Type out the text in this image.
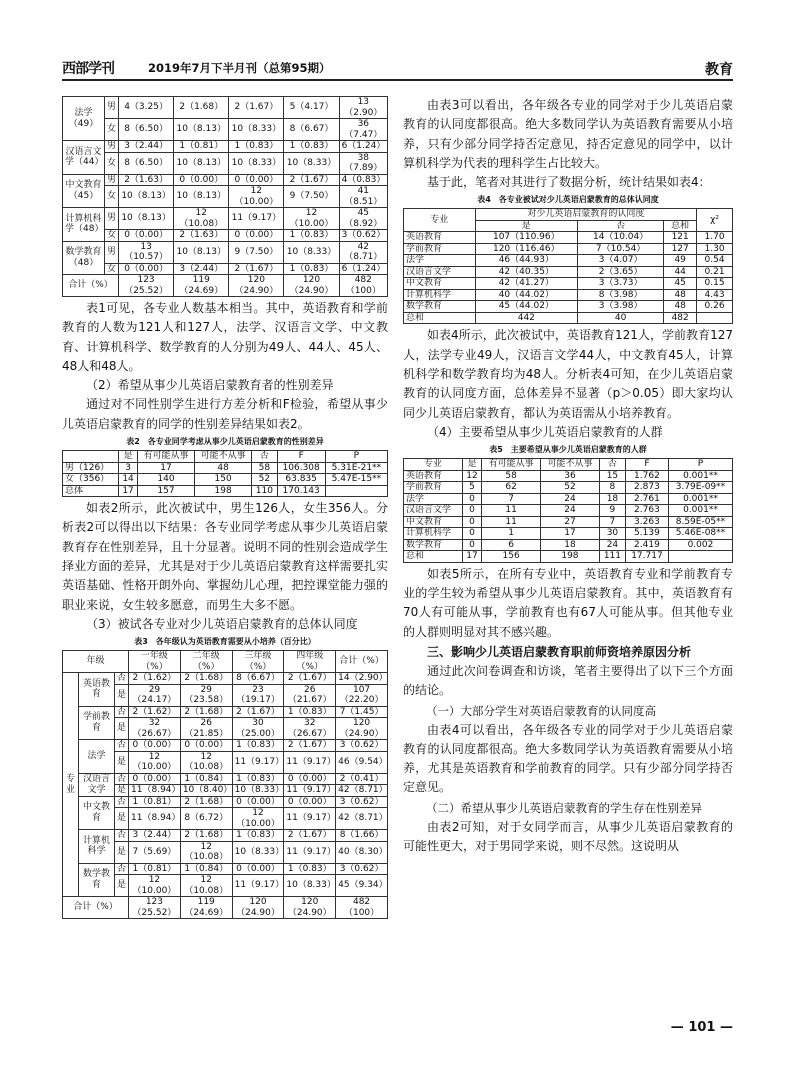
西部学刊	2019年7月下半月刊（总第95期）	教育
法学（49）	男	4（3.25）	2（1.68）	2（1.67）	5（4.17）	13（2.90）
	女	8（6.50）	10（8.13）	10（8.33）	8（6.67）	36（7.47）
汉语言文学（44）	男	3（2.44）	1（0.81）	1（0.83）	1（0.83）	6（1.24）
	女	8（6.50）	10（8.13）	10（8.33）	10（8.33）	38（7.89）
中文教育（45）	男	2（1.63）	0（0.00）	0（0.00）	2（1.67）	4（0.83）
	女	10（8.13）	10（8.13）	12（10.00）	9（7.50）	41（8.51）
计算机科学（48）	男	10（8.13）	12（10.08）	11（9.17）	12（10.00）	45（8.92）
	女	0（0.00）	2（1.63）	0（0.00）	1（0.83）	3（0.62）
数学教育（48）	男	13（10.57）	10（8.13）	9（7.50）	10（8.33）	42（8.71）
	女	0（0.00）	3（2.44）	2（1.67）	1（0.83）	6（1.24）
合计（%）		123（25.52）	119（24.69）	120（24.90）	120（24.90）	482（100）
表1可见，各专业人数基本相当。其中，英语教育和学前教育的人数为121人和127人，法学、汉语言文学、中文教育、计算机科学、数学教育的人分别为49人、44人、45人、48人和48人。
（2）希望从事少儿英语启蒙教育者的性别差异
通过对不同性别学生进行方差分析和F检验，希望从事少儿英语启蒙教育的同学的性别差异结果如表2。
表2　各专业同学考虑从事少儿英语启蒙教育的性别差异
	是	有可能从事	可能不从事	否	F	P
男（126）	3	17	48	58	106.308	5.31E-21**
女（356）	14	140	150	52	63.835	5.47E-15**
总体	17	157	198	110	170.143	
如表2所示，此次被试中，男生126人，女生356人。分析表2可以得出以下结果：各专业同学考虑从事少儿英语启蒙教育存在性别差异，且十分显著。说明不同的性别会造成学生择业方面的差异，尤其是对于少儿英语启蒙教育这样需要扎实英语基础、性格开朗外向、掌握幼儿心理，把控课堂能力强的职业来说，女生较多愿意，而男生大多不愿。
（3）被试各专业对少儿英语启蒙教育的总体认同度
表3　各年级认为英语教育需要从小培养（百分比）
年级			一年级（%）	二年级（%）	三年级（%）	四年级（%）	合计（%）
专业	英语教育	否	2（1.62）	2（1.68）	8（6.67）	2（1.67）	14（2.90）
		是	29（24.17）	29（23.58）	23（19.17）	26（21.67）	107（22.20）
	学前教育	否	2（1.62）	2（1.68）	2（1.67）	1（0.83）	7（1.45）
		是	32（26.67）	26（21.85）	30（25.00）	32（26.67）	120（24.90）
	法学	否	0（0.00）	0（0.00）	1（0.83）	2（1.67）	3（0.62）
		是	12（10.00）	12（10.08）	11（9.17）	11（9.17）	46（9.54）
	汉语言文学	否	0（0.00）	1（0.84）	1（0.83）	0（0.00）	2（0.41）
		是	11（8.94）	10（8.40）	10（8.33）	11（9.17）	42（8.71）
	中文教育	否	1（0.81）	2（1.68）	0（0.00）	0（0.00）	3（0.62）
		是	11（8.94）	8（6.72）	12（10.00）	11（9.17）	42（8.71）
	计算机科学	否	3（2.44）	2（1.68）	1（0.83）	2（1.67）	8（1.66）
		是	7（5.69）	12（10.08）	10（8.33）	11（9.17）	40（8.30）
	数学教育	否	1（0.81）	1（0.84）	0（0.00）	1（0.83）	3（0.62）
		是	12（10.00）	12（10.08）	11（9.17）	10（8.33）	45（9.34）
合计（%）			123（25.52）	119（24.69）	120（24.90）	120（24.90）	482（100）
由表3可以看出，各年级各专业的同学对于少儿英语启蒙教育的认同度都很高。绝大多数同学认为英语教育需要从小培养，只有少部分同学持否定意见，持否定意见的同学中，以计算机科学为代表的理科学生占比较大。
基于此，笔者对其进行了数据分析，统计结果如表4：
表4　各专业被试对少儿英语启蒙教育的总体认同度
专业	对少儿英语启蒙教育的认同度			χ²
	是	否	总和	
英语教育	107（110.96）	14（10.04）	121	1.70
学前教育	120（116.46）	7（10.54）	127	1.30
法学	46（44.93）	3（4.07）	49	0.54
汉语言文学	42（40.35）	2（3.65）	44	0.21
中文教育	42（41.27）	3（3.73）	45	0.15
计算机科学	40（44.02）	8（3.98）	48	4.43
数学教育	45（44.02）	3（3.98）	48	0.26
总和	442	40	482	
如表4所示，此次被试中，英语教育121人，学前教育127人，法学专业49人，汉语言文学44人，中文教育45人，计算机科学和数学教育均为48人。分析表4可知，在少儿英语启蒙教育的认同度方面，总体差异不显著（p＞0.05）即大家均认同少儿英语启蒙教育，都认为英语需从小培养教育。
（4）主要希望从事少儿英语启蒙教育的人群
表5　主要希望从事少儿英语启蒙教育的人群
专业	是	有可能从事	可能不从事	否	F	P
英语教育	12	58	36	15	1.762	0.001**
学前教育	5	62	52	8	2.873	3.79E-09**
法学	0	7	24	18	2.761	0.001**
汉语言文学	0	11	24	9	2.763	0.001**
中文教育	0	11	27	7	3.263	8.59E-05**
计算机科学	0	1	17	30	5.139	5.46E-08**
数学教育	0	6	18	24	2.419	0.002
总和	17	156	198	111	17.717	
如表5所示，在所有专业中，英语教育专业和学前教育专业的学生较为希望从事少儿英语启蒙教育。其中，英语教育有70人有可能从事，学前教育也有67人可能从事。但其他专业的人群则明显对其不感兴趣。
三、影响少儿英语启蒙教育职前师资培养原因分析
通过此次问卷调查和访谈，笔者主要得出了以下三个方面的结论。
（一）大部分学生对英语启蒙教育的认同度高
由表4可以看出，各年级各专业的同学对于少儿英语启蒙教育的认同度都很高。绝大多数同学认为英语教育需要从小培养，尤其是英语教育和学前教育的同学。只有少部分同学持否定意见。
（二）希望从事少儿英语启蒙教育的学生存在性别差异
由表2可知，对于女同学而言，从事少儿英语启蒙教育的可能性更大，对于男同学来说，则不尽然。这说明从
— 101 —
